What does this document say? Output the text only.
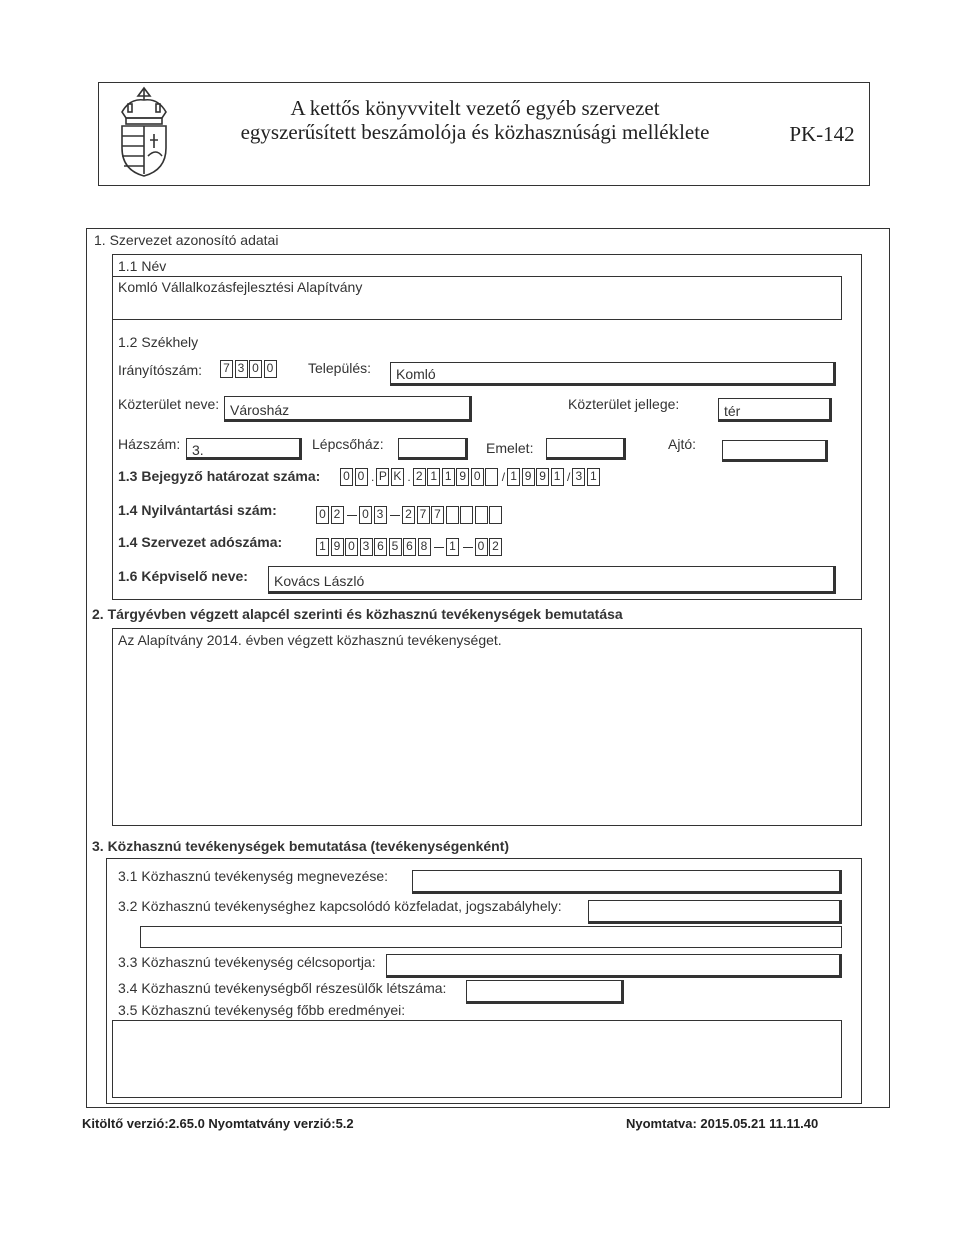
A kettős könyvvitelt vezető egyéb szervezet
egyszerűsített beszámolója és közhasznúsági melléklete	PK-142
1. Szervezet azonosító adatai
1.1 Név
Komló Vállalkozásfejlesztési Alapítvány
1.2 Székhely
Irányítószám: 7 3 0 0 Település:	Komló
Közterület neve: Városház	Közterület jellege:	tér
Házszám: 3.	Lépcsőház:	Emelet:	Ajtó:
1.3 Bejegyző határozat száma: 0 0 . P K . 2 1 1 9 0 / 1 9 9 1 / 3 1
1.4 Nyilvántartási szám:	0 2 0 3 2 7 7
1.4 Szervezet adószáma:	1 9 0 3 6 5 6 8 1 0 2
1.6 Képviselő neve:	Kovács László
2. Tárgyévben végzett alapcél szerinti és közhasznú tevékenységek bemutatása
Az Alapítvány 2014. évben végzett közhasznú tevékenységet.
3. Közhasznú tevékenységek bemutatása (tevékenységenként)
3.1 Közhasznú tevékenység megnevezése:
3.2 Közhasznú tevékenységhez kapcsolódó közfeladat, jogszabályhely:
3.3 Közhasznú tevékenység célcsoportja:
3.4 Közhasznú tevékenységből részesülők létszáma:
3.5 Közhasznú tevékenység főbb eredményei:
Kitöltő verzió:2.65.0 Nyomtatvány verzió:5.2	Nyomtatva: 2015.05.21 11.11.40
